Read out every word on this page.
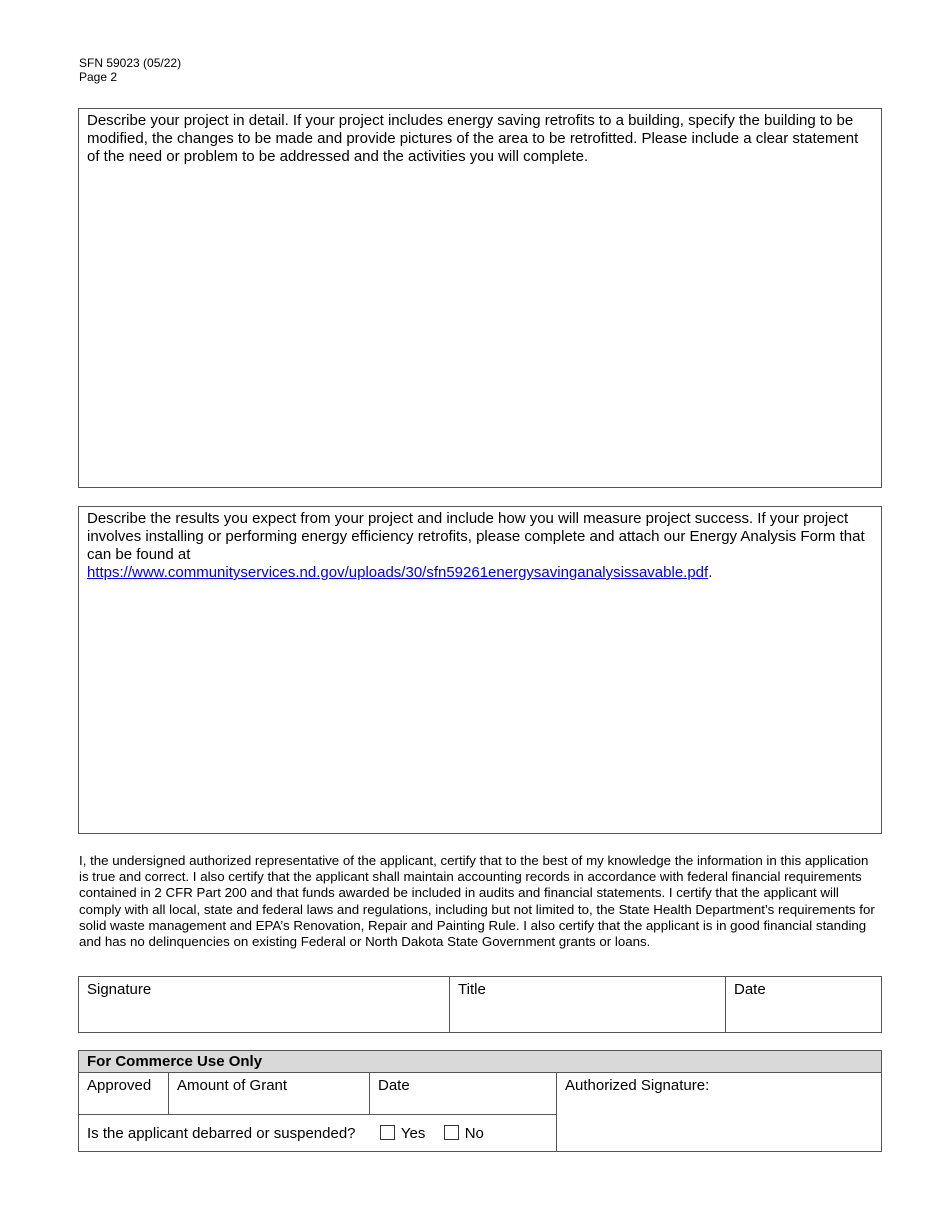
SFN 59023 (05/22)
Page 2
Describe your project in detail. If your project includes energy saving retrofits to a building, specify the building to be modified, the changes to be made and provide pictures of the area to be retrofitted. Please include a clear statement of the need or problem to be addressed and the activities you will complete.
Describe the results you expect from your project and include how you will measure project success. If your project involves installing or performing energy efficiency retrofits, please complete and attach our Energy Analysis Form that can be found at
https://www.communityservices.nd.gov/uploads/30/sfn59261energysavinganalysissavable.pdf.
I, the undersigned authorized representative of the applicant, certify that to the best of my knowledge the information in this application is true and correct. I also certify that the applicant shall maintain accounting records in accordance with federal financial requirements contained in 2 CFR Part 200 and that funds awarded be included in audits and financial statements. I certify that the applicant will comply with all local, state and federal laws and regulations, including but not limited to, the State Health Department’s requirements for solid waste management and EPA’s Renovation, Repair and Painting Rule. I also certify that the applicant is in good financial standing and has no delinquencies on existing Federal or North Dakota State Government grants or loans.
Signature	Title	Date
For Commerce Use Only
Approved	Amount of Grant	Date	Authorized Signature:
Is the applicant debarred or suspended?	Yes	No
